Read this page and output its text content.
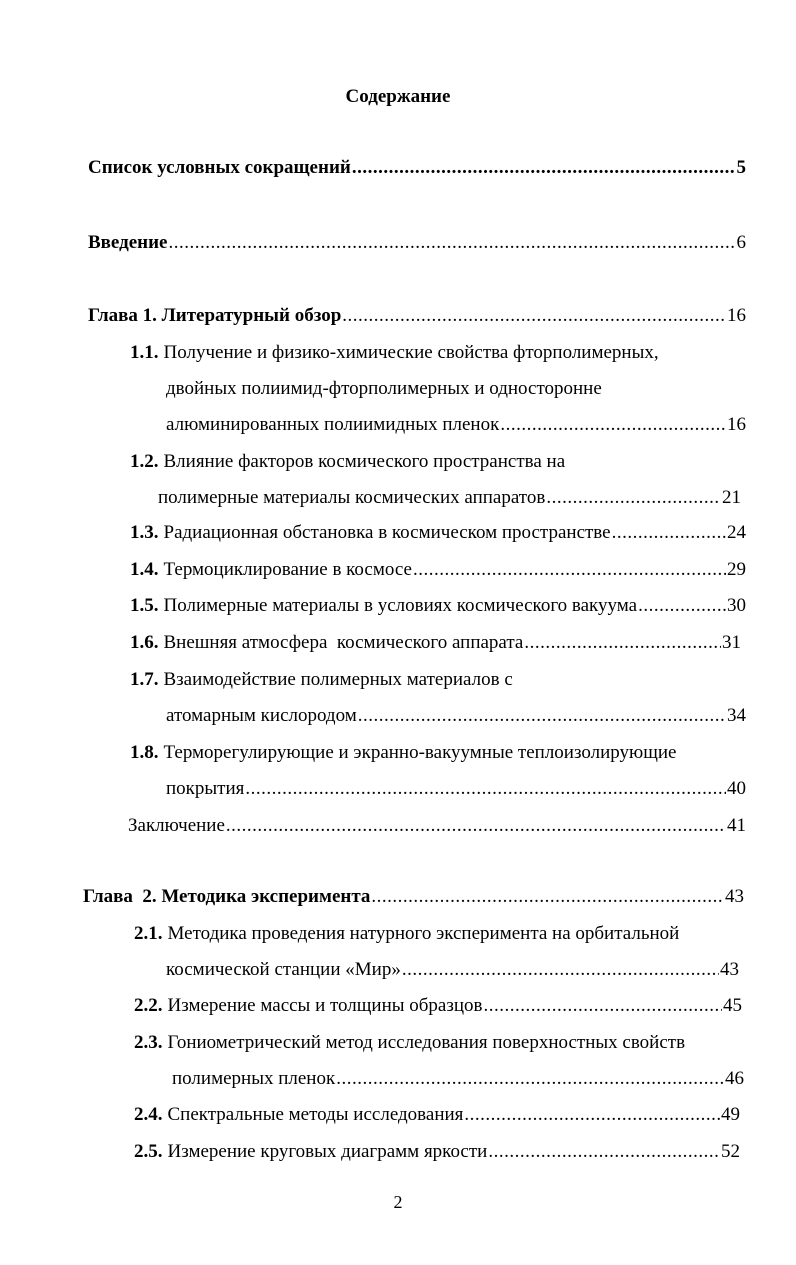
Содержание
Список условных сокращений .....	5
Введение .....	6
Глава 1. Литературный обзор .....	16
1.1. Получение и физико-химические свойства фторполимерных,
двойных полиимид-фторполимерных и односторонне
алюминированных полиимидных пленок .....	16
1.2. Влияние факторов космического пространства на
полимерные материалы космических аппаратов .....	21
1.3. Радиационная обстановка в космическом пространстве .....	24
1.4. Термоциклирование в космосе .....	29
1.5. Полимерные материалы в условиях космического вакуума .....	30
1.6. Внешняя атмосфера  космического аппарата .....	31
1.7. Взаимодействие полимерных материалов с
атомарным кислородом .....	34
1.8. Терморегулирующие и экранно-вакуумные теплоизолирующие
покрытия .....	40
Заключение .....	41
Глава  2. Методика эксперимента .....	43
2.1. Методика проведения натурного эксперимента на орбитальной
космической станции «Мир» .....	43
2.2. Измерение массы и толщины образцов .....	45
2.3. Гониометрический метод исследования поверхностных свойств
полимерных пленок .....	46
2.4. Спектральные методы исследования .....	49
2.5. Измерение круговых диаграмм яркости .....	52
2
